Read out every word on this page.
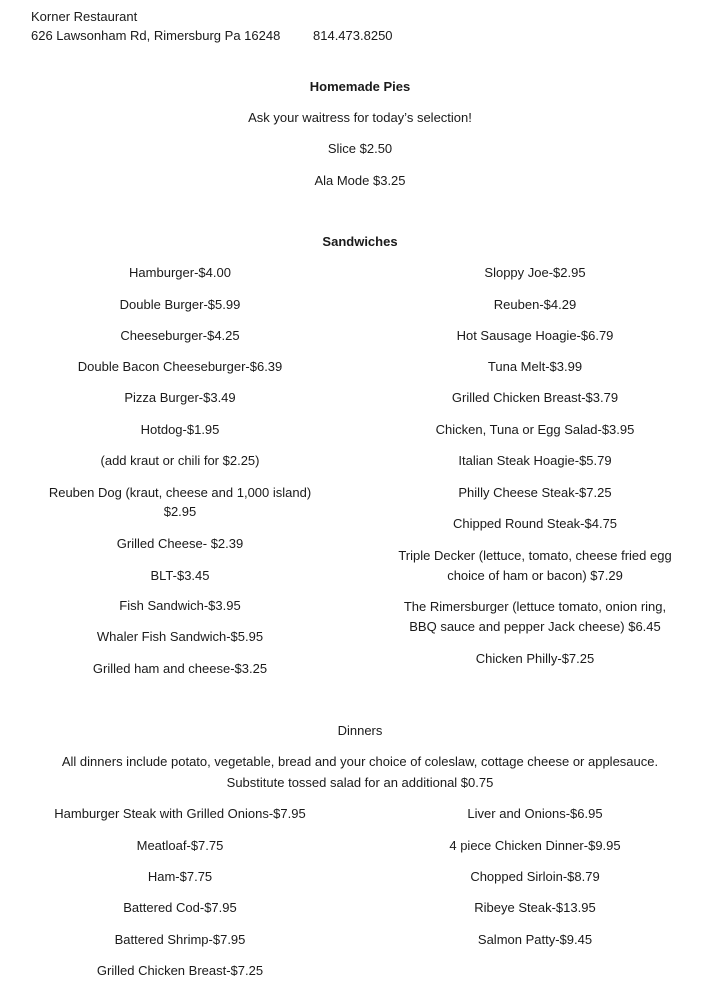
Korner Restaurant
626 Lawsonham Rd, Rimersburg Pa 16248	814.473.8250
Homemade Pies
Ask your waitress for today’s selection!
Slice $2.50
Ala Mode $3.25
Sandwiches
Hamburger-$4.00
Double Burger-$5.99
Cheeseburger-$4.25
Double Bacon Cheeseburger-$6.39
Pizza Burger-$3.49
Hotdog-$1.95
(add kraut or chili for $2.25)
Reuben Dog (kraut, cheese and 1,000 island)
$2.95
Grilled Cheese- $2.39
BLT-$3.45
Fish Sandwich-$3.95
Whaler Fish Sandwich-$5.95
Grilled ham and cheese-$3.25
Sloppy Joe-$2.95
Reuben-$4.29
Hot Sausage Hoagie-$6.79
Tuna Melt-$3.99
Grilled Chicken Breast-$3.79
Chicken, Tuna or Egg Salad-$3.95
Italian Steak Hoagie-$5.79
Philly Cheese Steak-$7.25
Chipped Round Steak-$4.75
Triple Decker (lettuce, tomato, cheese fried egg
choice of ham or bacon) $7.29
The Rimersburger (lettuce tomato, onion ring,
BBQ sauce and pepper Jack cheese) $6.45
Chicken Philly-$7.25
Dinners
All dinners include potato, vegetable, bread and your choice of coleslaw, cottage cheese or applesauce.
Substitute tossed salad for an additional $0.75
Hamburger Steak with Grilled Onions-$7.95
Meatloaf-$7.75
Ham-$7.75
Battered Cod-$7.95
Battered Shrimp-$7.95
Grilled Chicken Breast-$7.25
Liver and Onions-$6.95
4 piece Chicken Dinner-$9.95
Chopped Sirloin-$8.79
Ribeye Steak-$13.95
Salmon Patty-$9.45
